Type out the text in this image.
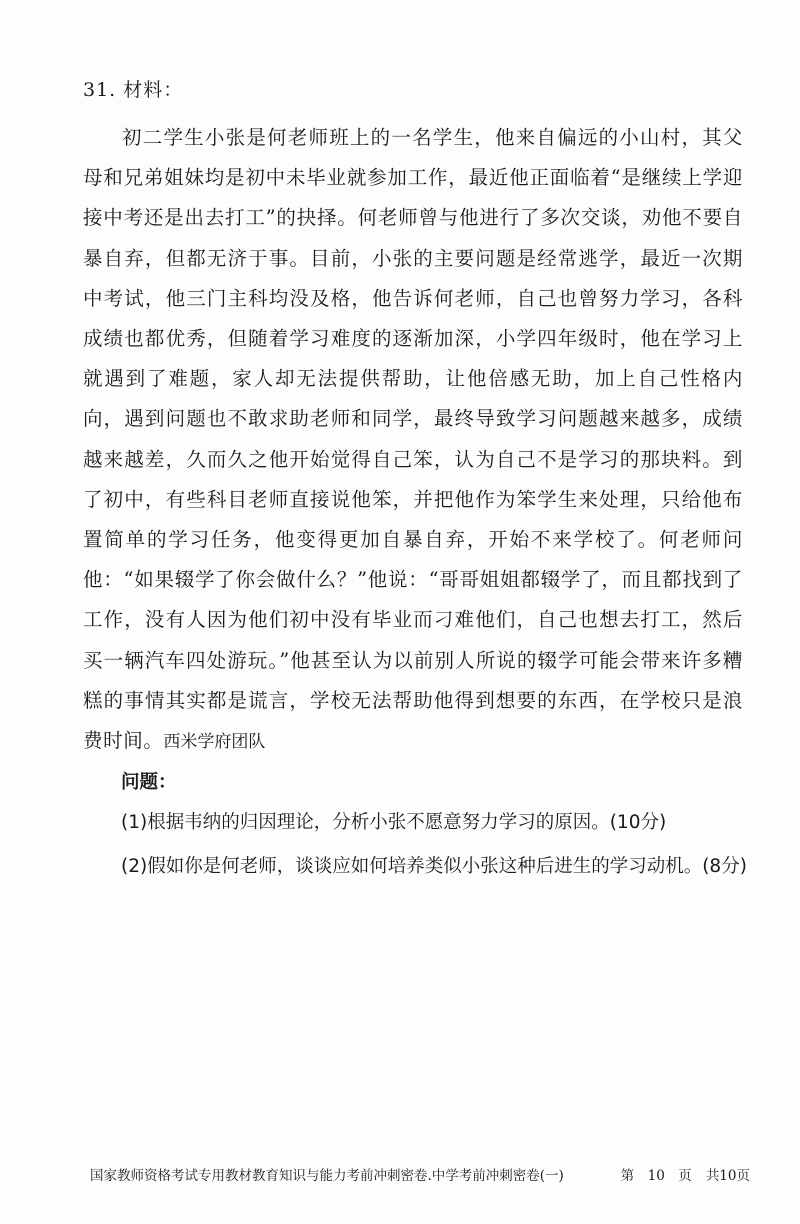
31. 材料：
初二学生小张是何老师班上的一名学生，他来自偏远的小山村，其父母和兄弟姐妹均是初中未毕业就参加工作，最近他正面临着“是继续上学迎接中考还是出去打工”的抉择。何老师曾与他进行了多次交谈，劝他不要自暴自弃，但都无济于事。目前，小张的主要问题是经常逃学，最近一次期中考试，他三门主科均没及格，他告诉何老师，自己也曾努力学习，各科成绩也都优秀，但随着学习难度的逐渐加深，小学四年级时，他在学习上就遇到了难题，家人却无法提供帮助，让他倍感无助，加上自己性格内向，遇到问题也不敢求助老师和同学，最终导致学习问题越来越多，成绩越来越差，久而久之他开始觉得自己笨，认为自己不是学习的那块料。到了初中，有些科目老师直接说他笨，并把他作为笨学生来处理，只给他布置简单的学习任务，他变得更加自暴自弃，开始不来学校了。何老师问他：“如果辍学了你会做什么？”他说：“哥哥姐姐都辍学了，而且都找到了工作，没有人因为他们初中没有毕业而刁难他们，自己也想去打工，然后买一辆汽车四处游玩。”他甚至认为以前别人所说的辍学可能会带来许多糟糕的事情其实都是谎言，学校无法帮助他得到想要的东西，在学校只是浪费时间。西米学府团队
问题：
(1)根据韦纳的归因理论，分析小张不愿意努力学习的原因。(10分)
(2)假如你是何老师，谈谈应如何培养类似小张这种后进生的学习动机。(8分)
国家教师资格考试专用教材教育知识与能力考前冲刺密卷.中学考前冲刺密卷(一)	第　10　页 共10页
